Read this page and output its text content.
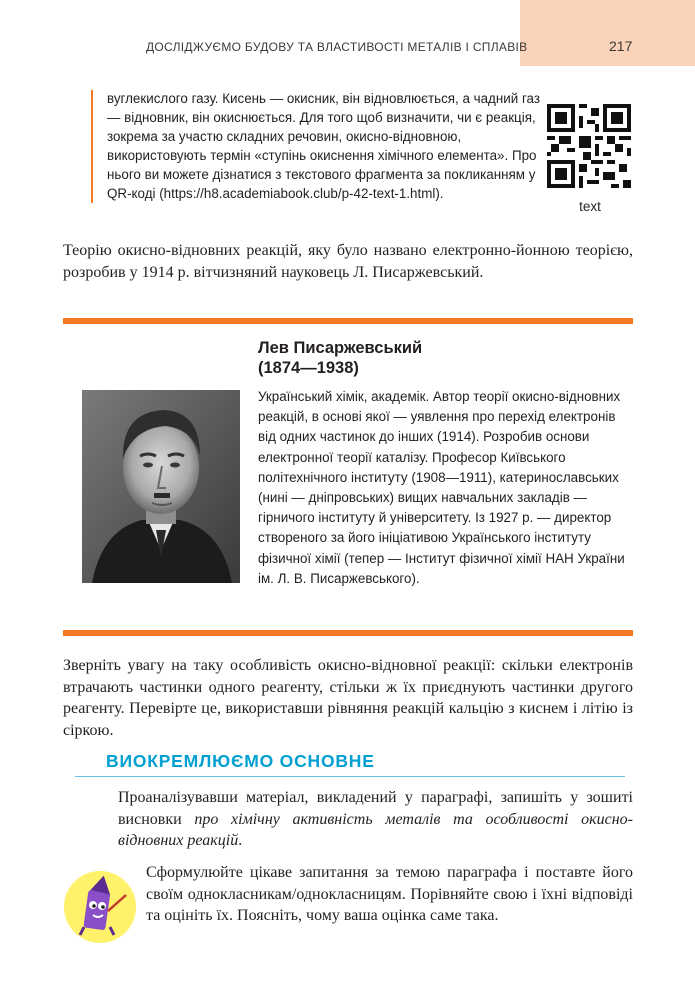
ДОСЛІДЖУЄМО БУДОВУ ТА ВЛАСТИВОСТІ МЕТАЛІВ І СПЛАВІВ	217
вуглекислого газу. Кисень — окисник, він відновлюється, а чадний газ — відновник, він окиснюється. Для того щоб визначити, чи є реакція, зокрема за участю складних речовин, окисно-відновною, використовують термін «ступінь окиснення хімічного елемента». Про нього ви можете дізнатися з текстового фрагмента за покликанням у QR-коді (https://h8.academiabook.club/p-42-text-1.html).
text
Теорію окисно-відновних реакцій, яку було названо електронно-йонною теорією, розробив у 1914 р. вітчизняний науковець Л. Писаржевський.
Лев Писаржевський
(1874—1938)
Український хімік, академік. Автор теорії окисно-відновних реакцій, в основі якої — уявлення про перехід електронів від одних частинок до інших (1914). Розробив основи електронної теорії каталізу. Професор Київського політехнічного інституту (1908—1911), катеринославських (нині — дніпровських) вищих навчальних закладів — гірничого інституту й університету. Із 1927 р. — директор створеного за його ініціативою Українського інституту фізичної хімії (тепер — Інститут фізичної хімії НАН України ім. Л. В. Писаржевського).
Зверніть увагу на таку особливість окисно-відновної реакції: скільки електронів втрачають частинки одного реагенту, стільки ж їх приєднують частинки другого реагенту. Перевірте це, використавши рівняння реакцій кальцію з киснем і літію із сіркою.
ВИОКРЕМЛЮЄМО ОСНОВНЕ
Проаналізувавши матеріал, викладений у параграфі, запишіть у зошиті висновки про хімічну активність металів та особливості окисно-відновних реакцій.
Сформулюйте цікаве запитання за темою параграфа і поставте його своїм однокласникам/однокласницям. Порівняйте свою і їхні відповіді та оцініть їх. Поясніть, чому ваша оцінка саме така.
